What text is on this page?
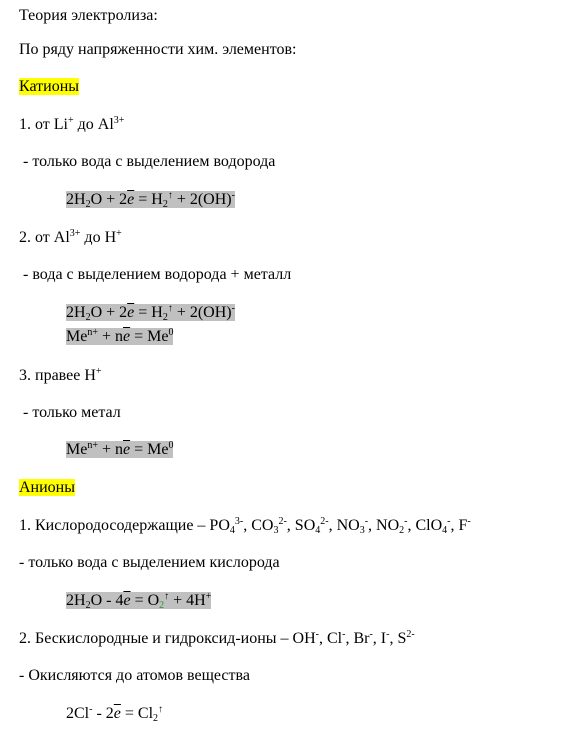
Теория электролиза:
По ряду напряженности хим. элементов:
Катионы
1. от Li+ до $Al^{3+}$
- только вода с выделением водорода
$2H_2O + 2\overline{e} = H_2^↑ + 2(OH)^-$
2. от $Al^{3+}$ до H+
- вода с выделением водорода + металл
$2H_2O + 2\overline{e} = H_2^↑ + 2(OH)^-$
$Me^{n+} + n\overline{e} = Me^0$
3. правее H+
- только метал
$Me^{n+} + n\overline{e} = Me^0$
Анионы
1. Кислородосодержащие – $PO_4^{3-}$, $CO_3^{2-}$, $SO_4^{2-}$, $NO_3^-$, $NO_2^-$, ClO$_4$-, F-
- только вода с выделением кислорода
$2H_2O - 4\overline{e} = O_2^↑ + 4H^+$
2. Бескислородные и гидроксид-ионы – OH-, Cl-, Br-, I-, $S^{2-}$
- Окисляются до атомов вещества
$2Cl^- - 2\overline{e} = Cl_2^↑$
